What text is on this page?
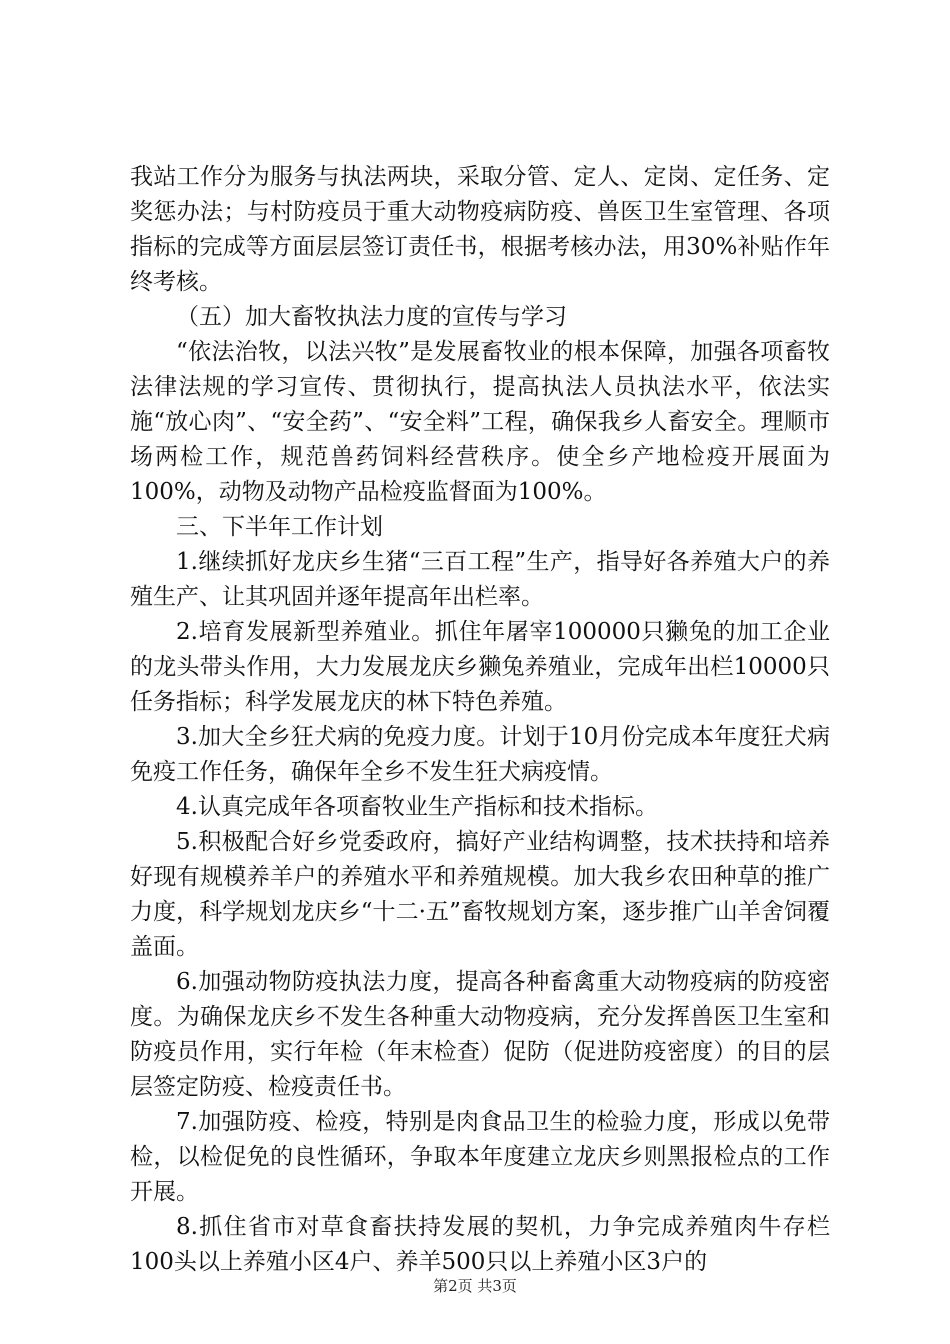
我站工作分为服务与执法两块，采取分管、定人、定岗、定任务、定奖惩办法；与村防疫员于重大动物疫病防疫、兽医卫生室管理、各项指标的完成等方面层层签订责任书，根据考核办法，用30%补贴作年终考核。

（五）加大畜牧执法力度的宣传与学习

“依法治牧，以法兴牧”是发展畜牧业的根本保障，加强各项畜牧法律法规的学习宣传、贯彻执行，提高执法人员执法水平，依法实施“放心肉”、“安全药”、“安全料”工程，确保我乡人畜安全。理顺市场两检工作，规范兽药饲料经营秩序。使全乡产地检疫开展面为100%，动物及动物产品检疫监督面为100%。

三、下半年工作计划

1.继续抓好龙庆乡生猪“三百工程”生产，指导好各养殖大户的养殖生产、让其巩固并逐年提高年出栏率。

2.培育发展新型养殖业。抓住年屠宰100000只獭兔的加工企业的龙头带头作用，大力发展龙庆乡獭兔养殖业，完成年出栏10000只任务指标；科学发展龙庆的林下特色养殖。

3.加大全乡狂犬病的免疫力度。计划于10月份完成本年度狂犬病免疫工作任务，确保年全乡不发生狂犬病疫情。

4.认真完成年各项畜牧业生产指标和技术指标。

5.积极配合好乡党委政府，搞好产业结构调整，技术扶持和培养好现有规模养羊户的养殖水平和养殖规模。加大我乡农田种草的推广力度，科学规划龙庆乡“十二·五”畜牧规划方案，逐步推广山羊舍饲覆盖面。

6.加强动物防疫执法力度，提高各种畜禽重大动物疫病的防疫密度。为确保龙庆乡不发生各种重大动物疫病，充分发挥兽医卫生室和防疫员作用，实行年检（年末检查）促防（促进防疫密度）的目的层层签定防疫、检疫责任书。

7.加强防疫、检疫，特别是肉食品卫生的检验力度，形成以免带检，以检促免的良性循环，争取本年度建立龙庆乡则黑报检点的工作开展。

8.抓住省市对草食畜扶持发展的契机，力争完成养殖肉牛存栏100头以上养殖小区4户、养羊500只以上养殖小区3户的

第2页 共3页
